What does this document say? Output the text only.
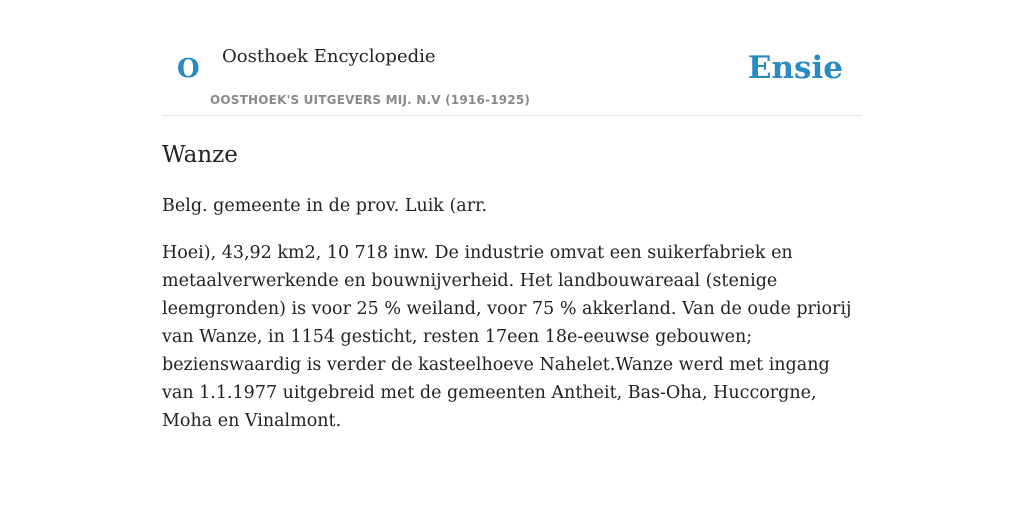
O Oosthoek Encyclopedie
OOSTHOEK'S UITGEVERS MIJ. N.V (1916-1925)
Ensie
Wanze

Belg. gemeente in de prov. Luik (arr.

Hoei), 43,92 km2, 10 718 inw. De industrie omvat een suikerfabriek en metaalverwerkende en bouwnijverheid. Het landbouwareaal (stenige leemgronden) is voor 25 % weiland, voor 75 % akkerland. Van de oude priorij van Wanze, in 1154 gesticht, resten 17een 18e-eeuwse gebouwen; bezienswaardig is verder de kasteelhoeve Nahelet.Wanze werd met ingang van 1.1.1977 uitgebreid met de gemeenten Antheit, Bas-Oha, Huccorgne, Moha en Vinalmont.
